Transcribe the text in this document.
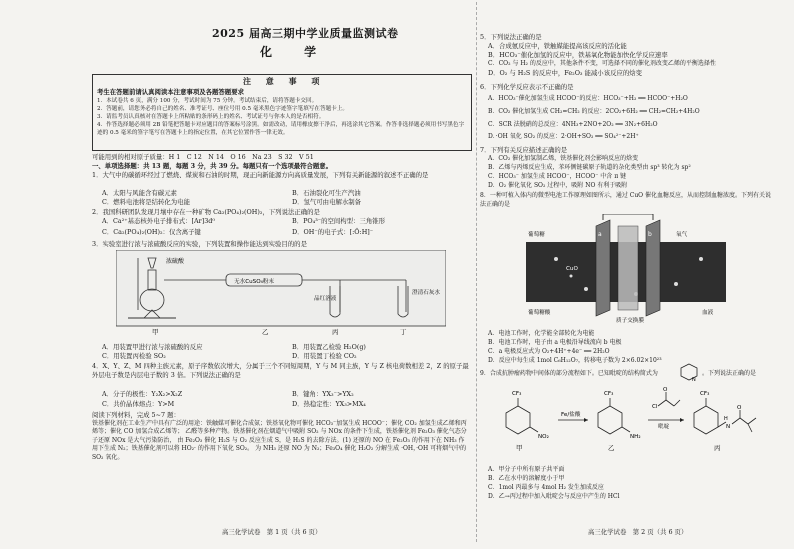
2025 届高三期中学业质量监测试卷
化 学
注 意 事 项
考生在答题前请认真阅读本注意事项及各题答题要求
1．本试卷共 6 页，满分 100 分，考试时间为 75 分钟。考试结束后，请将答题卡交回。
2．答题前，请您务必将自己的姓名、准考证号、座位号用 0.5 毫米黑色字迹签字笔填写在答题卡上。
3．请监考员认真核对在答题卡上所粘贴的条形码上的姓名、考试证号与你本人的是否相符。
4．作答选择题必须用 2B 铅笔把答题卡对应题目的答案标号涂黑。如需改动，请用橡皮擦干净后，再选涂其它答案。作答非选择题必须用书写黑色字迹的 0.5 毫米的签字笔写在答题卡上的指定位置，在其它位置作答一律无效。
可能用到的相对原子质量：H 1　C 12　N 14　O 16　Na 23　S 32　V 51
一、单项选择题：共 13 题，每题 3 分，共 39 分。每题只有一个选项最符合题意。
1．大气中的碳循环经过了燃烧、煤炭和石油的时期，现正向新能源方向高质量发展，下列有关新能源的叙述不正确的是
A．太阳与风能含有碳元素	B．石油裂化可生产汽油
C．燃料电池将是结转化为电能	D．氢气可由电解水制备
2．我国科研团队发现月壤中存在一种矿物 Ca₂(PO₄)₂(OH)₂，下列说法正确的是
A．Ca²⁺基态核外电子排布式：[Ar]3d⁰	B．PO₄³⁻的空间构型：三角锥形
C．Ca₂(PO₄)₂(OH)₂：仅含离子键	D．OH⁻的电子式：[:Ö:H]⁻
3．实验室进行浓与浓硫酸反应的实验，下列装置和操作能达到实验目的的是
浓硫酸
无水CuSO₄粉末
品红溶液
澄清石灰水
甲	乙	丙	丁
A．用装置甲进行浓与浓硫酸的反应	B．用装置乙检验 H₂O(g)
C．用装置丙检验 SO₂	D．用装置丁检验 CO₂
4．X、Y、Z、M 四种主族元素，原子序数依次增大，分属于三个不同短周期，Y 与 M 同主族，Y 与 Z 核电荷数相差 2，Z 的原子最外层电子数是内层电子数的 3 倍。下列说法正确的是
A．分子的极性：Y₂X₂>X₂Z	B．键角：YX₃⁻>YX₂
C．共价晶体熔点：Y>M	D．热稳定性：YX₃>MX₄
阅读下列材料，完成 5~7 题：
铁基催化剂在工业生产中具有广泛的用途：铁触媒可催化合成氨；铁基氧化物可催化 HCO₃⁻加氢生成 HCOO⁻；催化 CO₂ 加氢生成乙烯和丙烯等；催化 CO 加氢合成乙烯等； 乙醛等多种产物。铁基催化剂在烟道气中吸附 SO₂ 与 NOx 的条件下生成，铁基催化剂 Fe₂O₃ 催化气态分子还原 NOx 是大气污染防治， 由 Fe₂O₃ 催化 H₂S 与 O₂ 反应生成 S，是 H₂S 的去除方法。(1) 还原的 NO 在 Fe₂O₃ 的作用下在 NH₃ 作用下生成 N₂；铁基催化剂可以将 HO₂· 的作用下氧化 SO₂。 为 NH₃ 还原 NO 为 N₂；Fe₃O₄ 催化 H₂O₂ 分解生成 ·OH，·OH 可将烟气中的 SO₂ 氧化。
高三化学试卷　第 1 页（共 6 页）
5．下列说法正确的是
A．合成氨反应中，铁触媒能提高该反应的活化能
B．HCO₃⁻催化加氢的反应中，铁基氧化物能加快化学反应速率
C．CO₂ 与 H₂ 的反应中，其他条件不变，可选择不同的催化剂改变乙烯的平衡选择性
D．O₂ 与 H₂S 的反应中，Fe₂O₃ 能减小该反应的焓变
6．下列化学反应表示不正确的是
A．HCO₃⁻催化加氢生成 HCOO⁻的反应：HCO₃⁻+H₂ ══ HCOO⁻+H₂O
B．CO₂ 催化加氢生成 CH₂=CH₂ 的反应：2CO₂+6H₂ ══ CH₂=CH₂+4H₂O
C．SCR 法脱硝的总反应：4NH₃+2NO+2O₂ ══ 3N₂+6H₂O
D．·OH 氧化 SO₂ 的反应：2·OH+SO₂ ══ SO₄²⁻+2H⁺
7．下列有关反应描述正确的是
A．CO₂ 催化加氢制乙烯，铁基催化剂会影响反应的焓变
B．乙烯与丙烯反应生成，苯环侧链碳原子轨道的杂化类型由 sp³ 转化为 sp²
C．HCO₃⁻ 加氢生成 HCOO⁻，HCOO⁻ 中含 π 键
D．O₂ 催化氧化 SO₂ 过程中，吸附 NO 有利于吸附
8．一种可植入体内的微型电池工作原理如图所示，通过 CuO 催化血糖反应，从而控制血糖浓度。下列有关说法正确的是
a	b
葡萄糖
葡萄糖酸
氧气
CuO
质子交换膜
血液
A．电池工作时，化学能全部转化为电能
B．电池工作时，电子由 a 电极沿导线流向 b 电极
C．a 电极反应式为 O₂+4H⁺+4e⁻ ══ 2H₂O
D．反应中每生成 1mol C₆H₁₂O₇，转移电子数为 2×6.02×10²³
9．合成抗肿瘤药物中间体的部分流程如下。已知吡啶的结构简式为
N
。下列说法正确的是
CF₃
NO₂
Fe/盐酸
CF₃
NH₂
Cl
O
吡啶
CF₃
H
N
O
甲	乙	丙
A．甲分子中所有原子共平面
B．乙在水中的溶解度小于甲
C．1mol 丙最多与 4mol H₂ 发生加成反应
D．乙→丙过程中加入吡啶会与反应中产生的 HCl
高三化学试卷　第 2 页（共 6 页）
